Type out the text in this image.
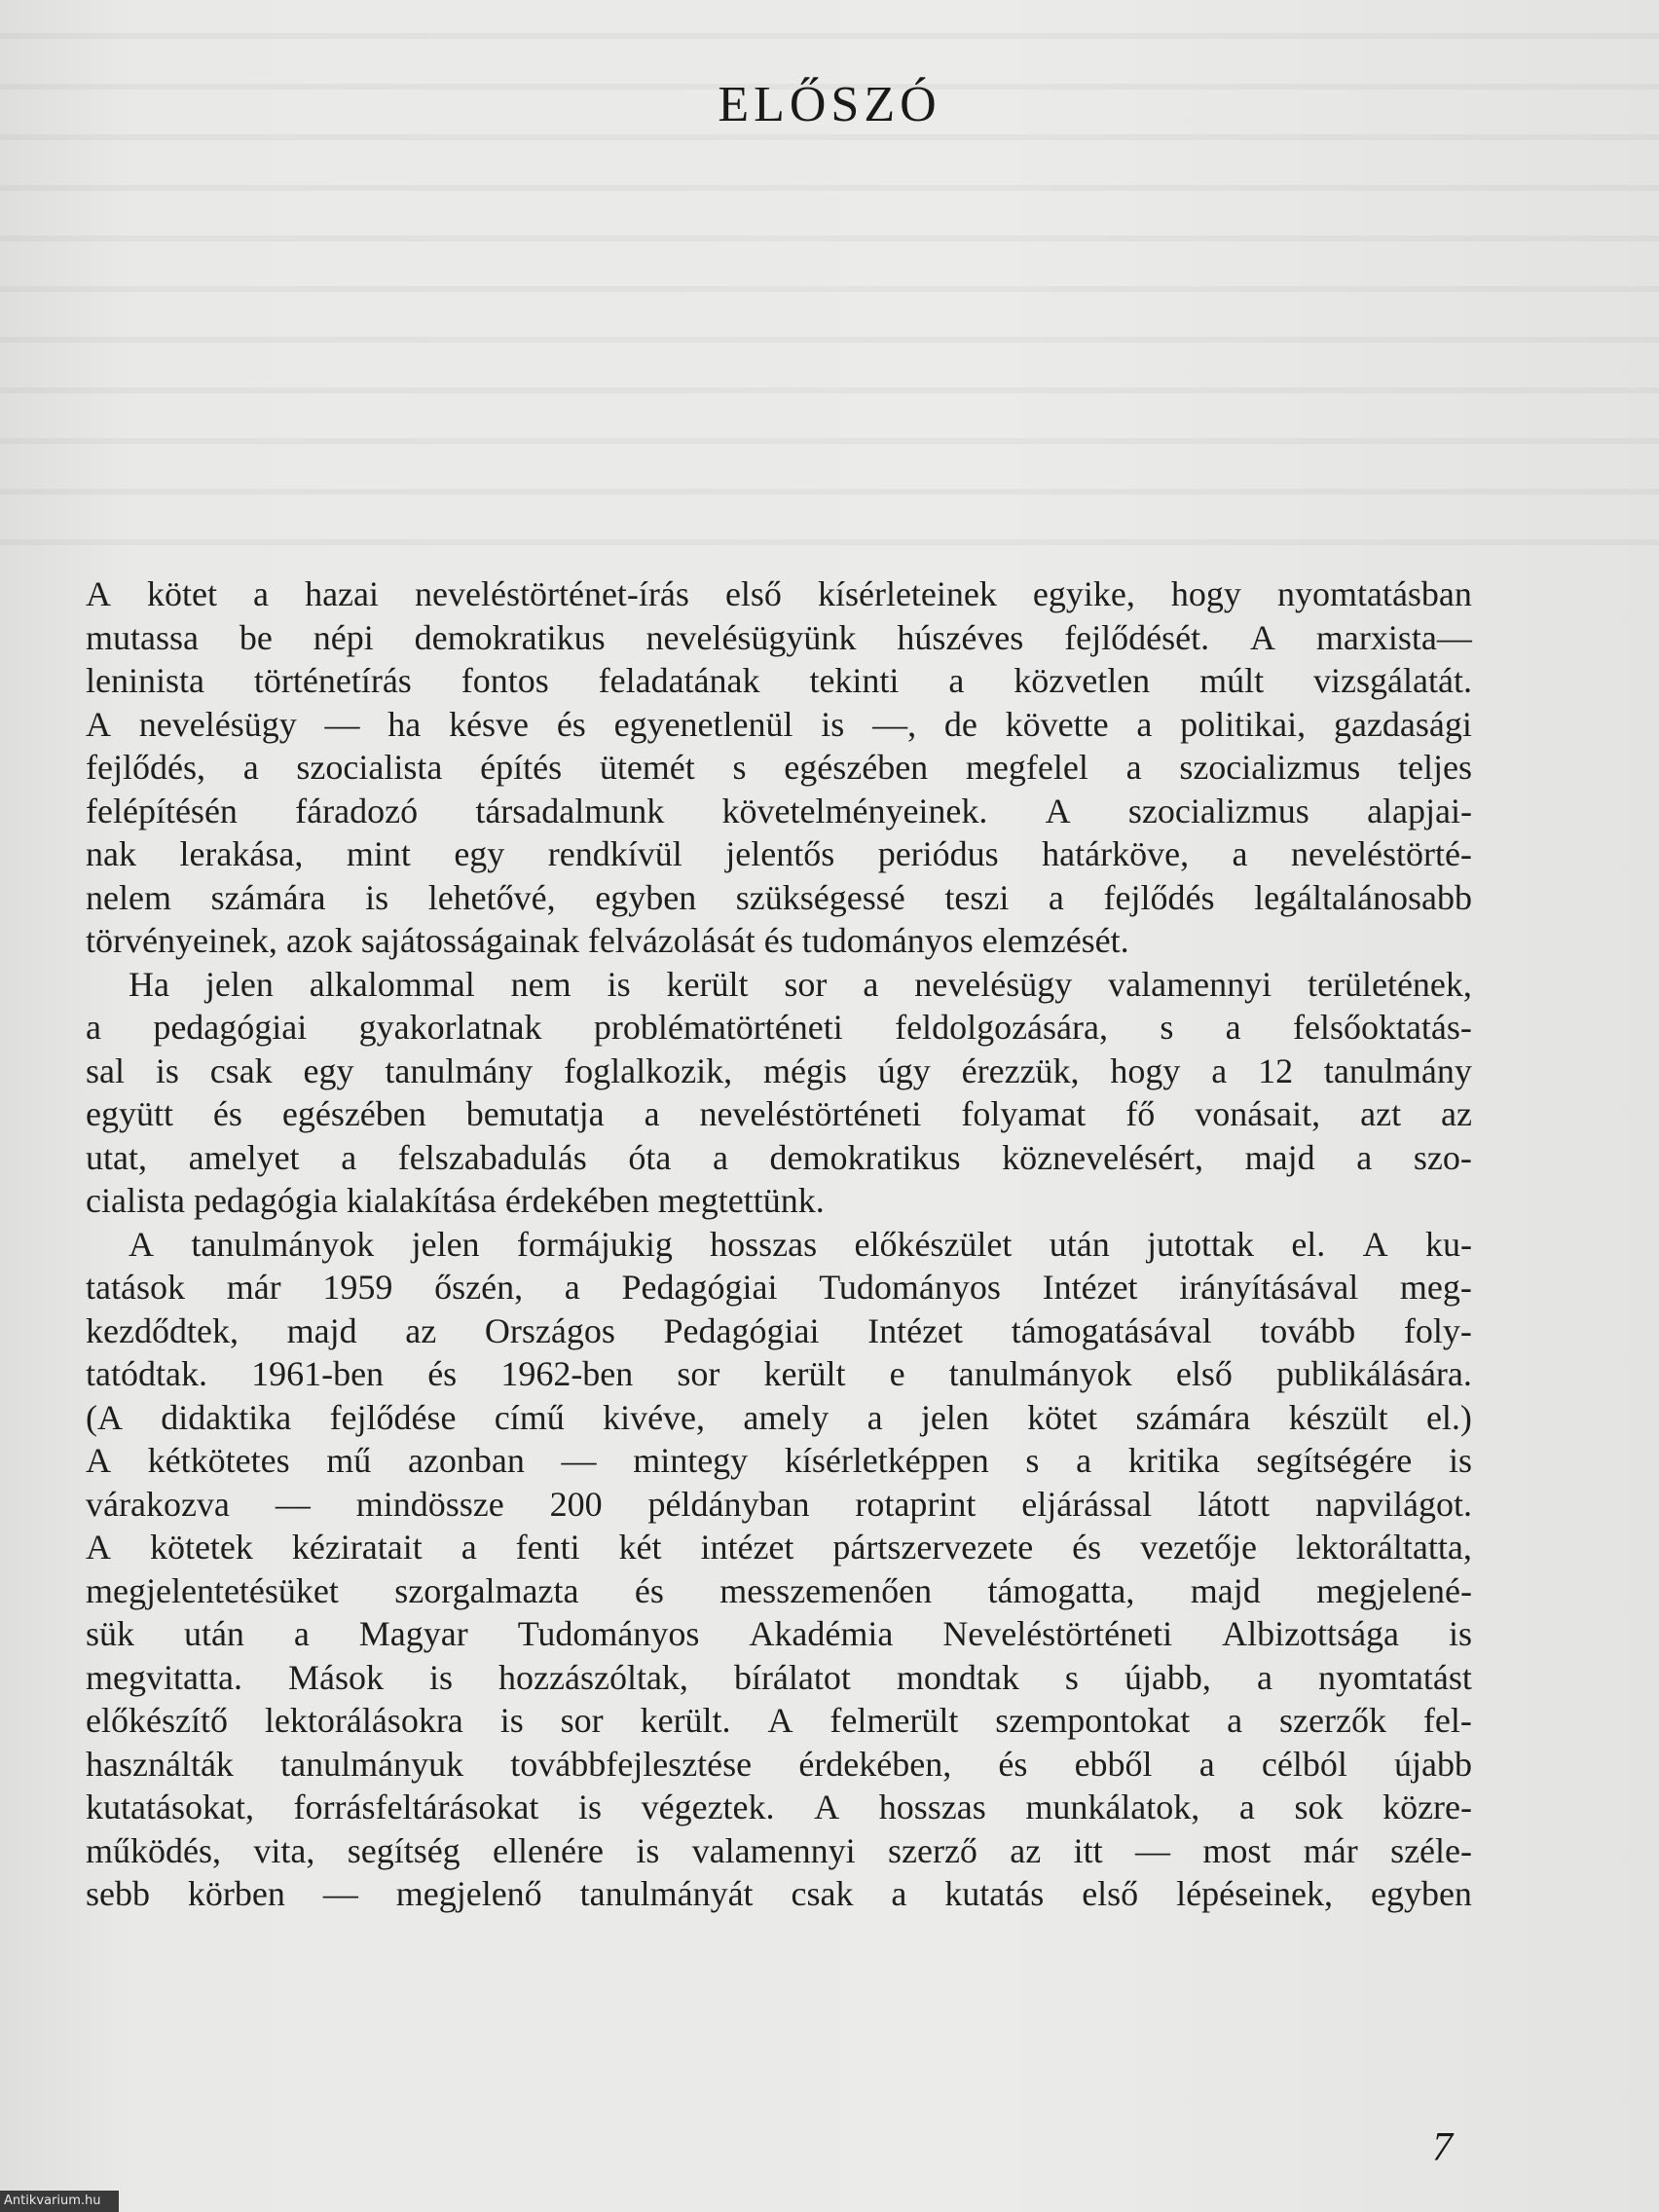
ELŐSZÓ
A kötet a hazai neveléstörténet-írás első kísérleteinek egyike, hogy nyomtatásban
mutassa be népi demokratikus nevelésügyünk húszéves fejlődését. A marxista—
leninista történetírás fontos feladatának tekinti a közvetlen múlt vizsgálatát.
A nevelésügy — ha késve és egyenetlenül is —, de követte a politikai, gazdasági
fejlődés, a szocialista építés ütemét s egészében megfelel a szocializmus teljes
felépítésén fáradozó társadalmunk követelményeinek. A szocializmus alapjai-
nak lerakása, mint egy rendkívül jelentős periódus határköve, a neveléstörté-
nelem számára is lehetővé, egyben szükségessé teszi a fejlődés legáltalánosabb
törvényeinek, azok sajátosságainak felvázolását és tudományos elemzését.
Ha jelen alkalommal nem is került sor a nevelésügy valamennyi területének,
a pedagógiai gyakorlatnak problématörténeti feldolgozására, s a felsőoktatás-
sal is csak egy tanulmány foglalkozik, mégis úgy érezzük, hogy a 12 tanulmány
együtt és egészében bemutatja a neveléstörténeti folyamat fő vonásait, azt az
utat, amelyet a felszabadulás óta a demokratikus köznevelésért, majd a szo-
cialista pedagógia kialakítása érdekében megtettünk.
A tanulmányok jelen formájukig hosszas előkészület után jutottak el. A ku-
tatások már 1959 őszén, a Pedagógiai Tudományos Intézet irányításával meg-
kezdődtek, majd az Országos Pedagógiai Intézet támogatásával tovább foly-
tatódtak. 1961-ben és 1962-ben sor került e tanulmányok első publikálására.
(A didaktika fejlődése című kivéve, amely a jelen kötet számára készült el.)
A kétkötetes mű azonban — mintegy kísérletképpen s a kritika segítségére is
várakozva — mindössze 200 példányban rotaprint eljárással látott napvilágot.
A kötetek kéziratait a fenti két intézet pártszervezete és vezetője lektoráltatta,
megjelentetésüket szorgalmazta és messzemenően támogatta, majd megjelené-
sük után a Magyar Tudományos Akadémia Neveléstörténeti Albizottsága is
megvitatta. Mások is hozzászóltak, bírálatot mondtak s újabb, a nyomtatást
előkészítő lektorálásokra is sor került. A felmerült szempontokat a szerzők fel-
használták tanulmányuk továbbfejlesztése érdekében, és ebből a célból újabb
kutatásokat, forrásfeltárásokat is végeztek. A hosszas munkálatok, a sok közre-
működés, vita, segítség ellenére is valamennyi szerző az itt — most már széle-
sebb körben — megjelenő tanulmányát csak a kutatás első lépéseinek, egyben
7
Antikvarium.hu
